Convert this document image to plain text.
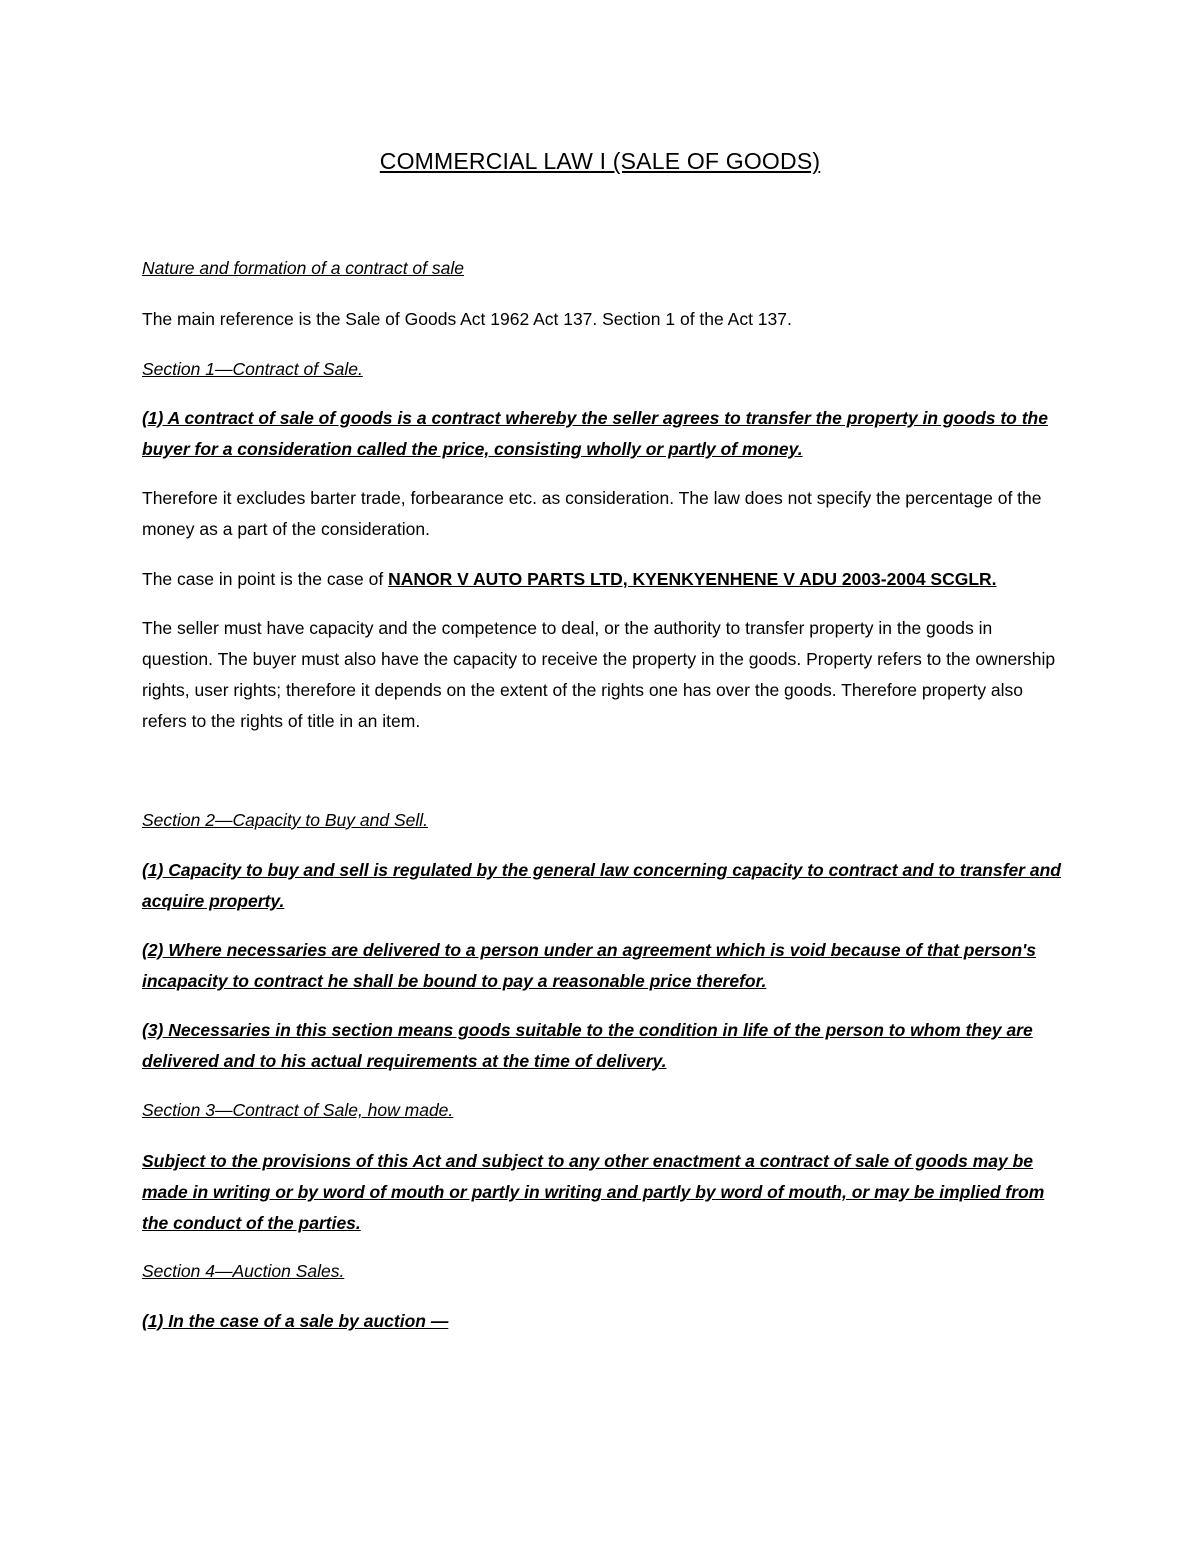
COMMERCIAL LAW I (SALE OF GOODS)

Nature and formation of a contract of sale

The main reference is the Sale of Goods Act 1962 Act 137. Section 1 of the Act 137.

Section 1—Contract of Sale.

(1) A contract of sale of goods is a contract whereby the seller agrees to transfer the property in goods to the buyer for a consideration called the price, consisting wholly or partly of money.

Therefore it excludes barter trade, forbearance etc. as consideration. The law does not specify the percentage of the money as a part of the consideration.

The case in point is the case of NANOR V AUTO PARTS LTD, KYENKYENHENE V ADU 2003-2004 SCGLR.

The seller must have capacity and the competence to deal, or the authority to transfer property in the goods in question. The buyer must also have the capacity to receive the property in the goods. Property refers to the ownership rights, user rights; therefore it depends on the extent of the rights one has over the goods. Therefore property also refers to the rights of title in an item.

Section 2—Capacity to Buy and Sell.

(1) Capacity to buy and sell is regulated by the general law concerning capacity to contract and to transfer and acquire property.

(2) Where necessaries are delivered to a person under an agreement which is void because of that person's incapacity to contract he shall be bound to pay a reasonable price therefor.

(3) Necessaries in this section means goods suitable to the condition in life of the person to whom they are delivered and to his actual requirements at the time of delivery.

Section 3—Contract of Sale, how made.

Subject to the provisions of this Act and subject to any other enactment a contract of sale of goods may be made in writing or by word of mouth or partly in writing and partly by word of mouth, or may be implied from the conduct of the parties.

Section 4—Auction Sales.

(1) In the case of a sale by auction —
